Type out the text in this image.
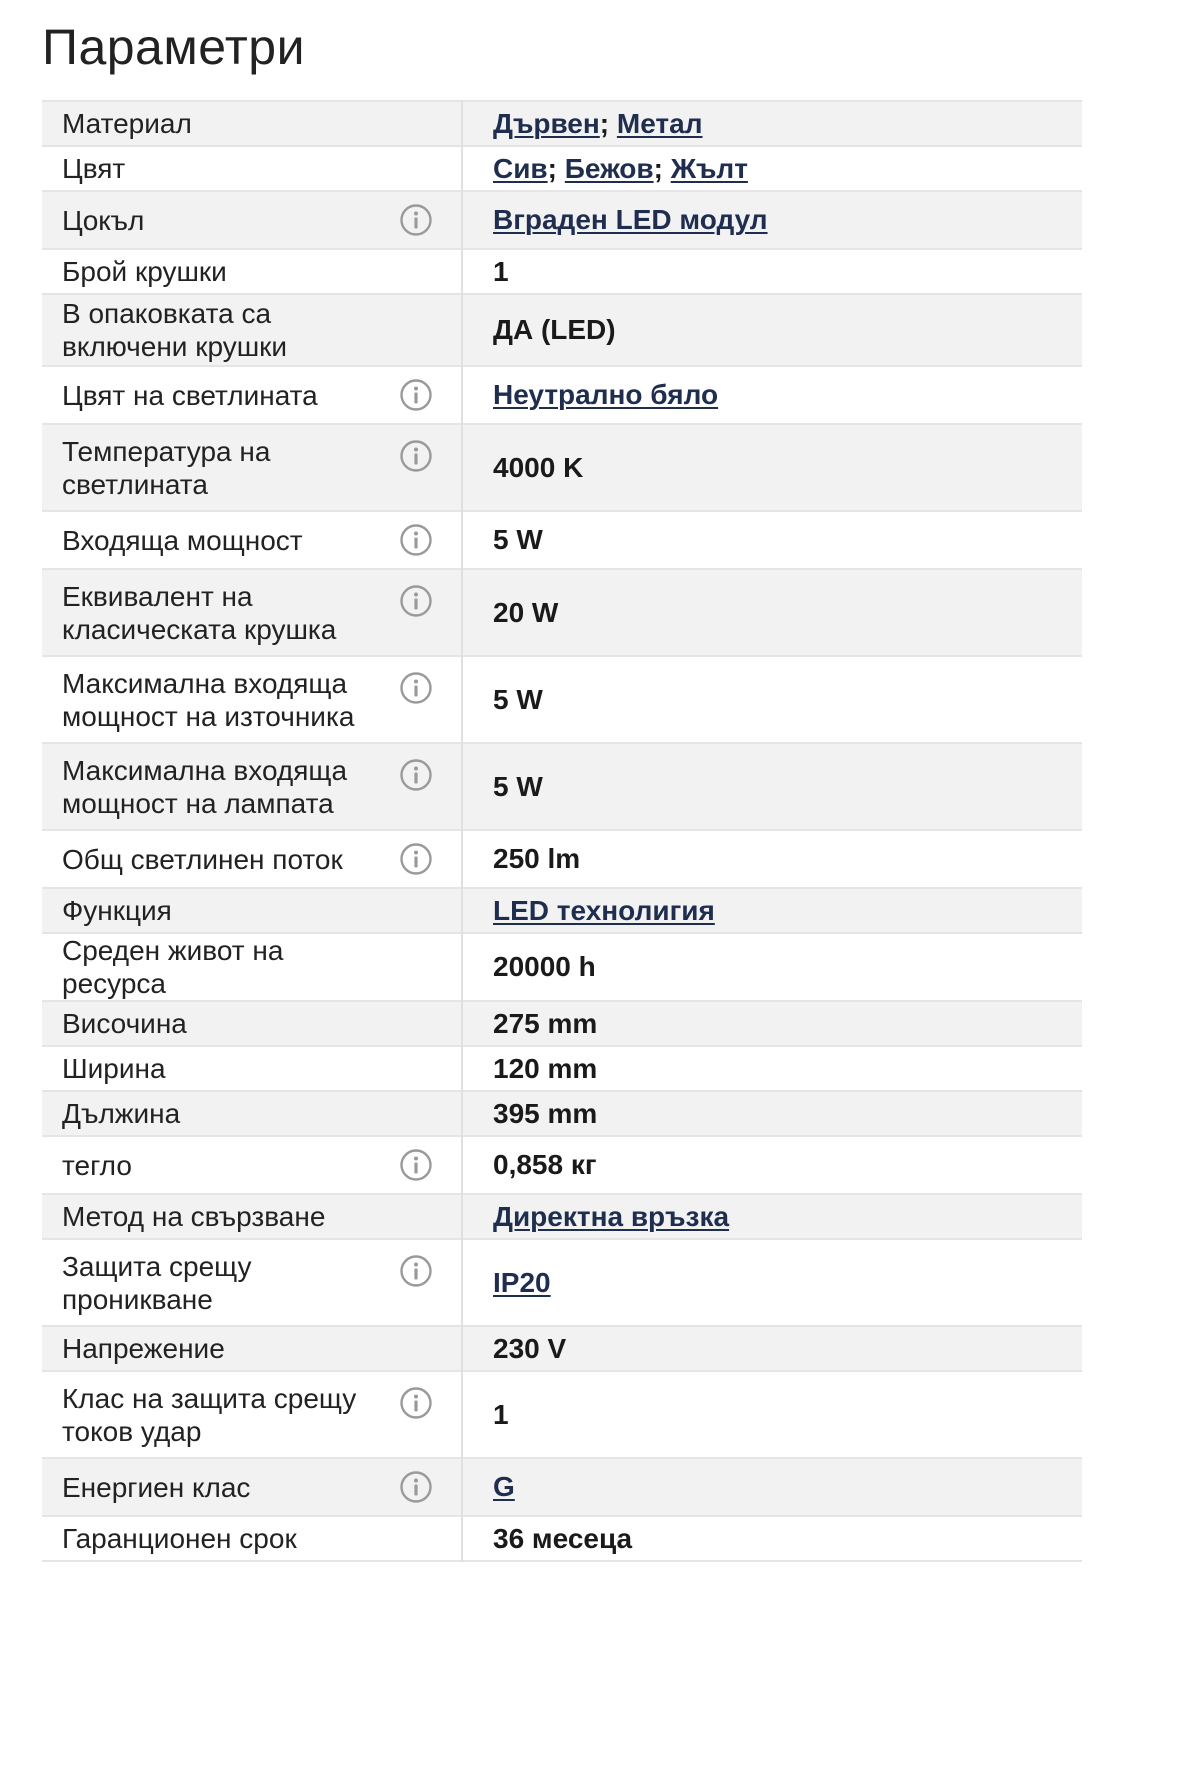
Параметри
Материал	Дървен; Метал
Цвят	Сив; Бежов; Жълт
Цокъл	Вграден LED модул
Брой крушки	1
В опаковката са включени крушки	ДА (LED)
Цвят на светлината	Неутрално бяло
Температура на светлината	4000 K
Входяща мощност	5 W
Еквивалент на класическата крушка	20 W
Максимална входяща мощност на източника	5 W
Максимална входяща мощност на лампата	5 W
Общ светлинен поток	250 lm
Функция	LED технолигия
Среден живот на ресурса	20000 h
Височина	275 mm
Ширина	120 mm
Дължина	395 mm
тегло	0,858 кг
Метод на свързване	Директна връзка
Защита срещу проникване	IP20
Напрежение	230 V
Клас на защита срещу токов удар	1
Енергиен клас	G
Гаранционен срок	36 месеца
